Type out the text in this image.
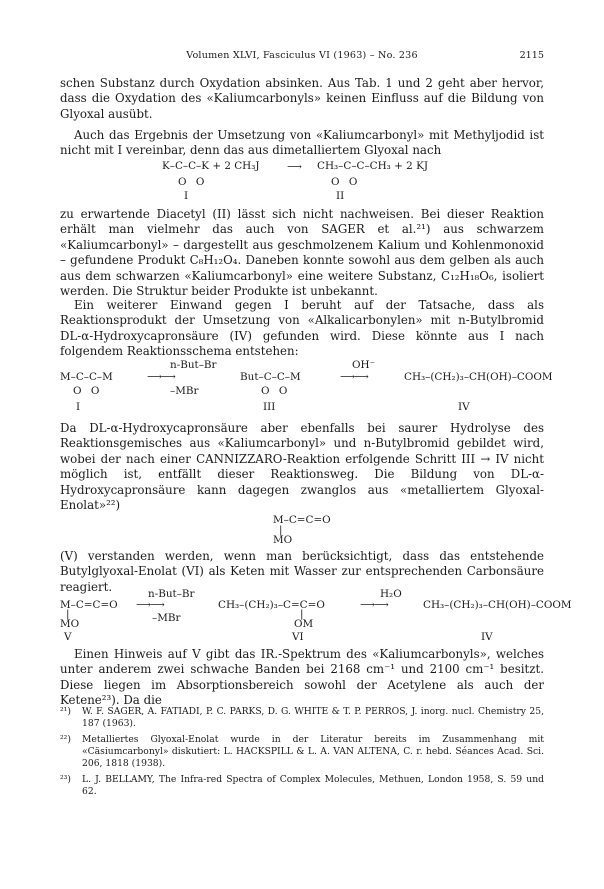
Volumen XLVI, Fasciculus VI (1963) – No. 236	2115

schen Substanz durch Oxydation absinken. Aus Tab. 1 und 2 geht aber hervor, dass die Oxydation des «Kaliumcarbonyls» keinen Einfluss auf die Bildung von Glyoxal ausübt.

Auch das Ergebnis der Umsetzung von «Kaliumcarbonyl» mit Methyljodid ist nicht mit I vereinbar, denn das aus dimetalliertem Glyoxal nach

K–C–C–K + 2 CH₃J
O O
⟶ CH₃–C–C–CH₃ + 2 KJ
O O
I	II

zu erwartende Diacetyl (II) lässt sich nicht nachweisen. Bei dieser Reaktion erhält man vielmehr das auch von SAGER et al.²¹) aus schwarzem «Kaliumcarbonyl» – dargestellt aus geschmolzenem Kalium und Kohlenmonoxid – gefundene Produkt C₈H₁₂O₄. Daneben konnte sowohl aus dem gelben als auch aus dem schwarzen «Kaliumcarbonyl» eine weitere Substanz, C₁₂H₁₈O₆, isoliert werden. Die Struktur beider Produkte ist unbekannt.

Ein weiterer Einwand gegen I beruht auf der Tatsache, dass als Reaktionsprodukt der Umsetzung von «Alkalicarbonylen» mit n-Butylbromid DL-α-Hydroxycapronsäure (IV) gefunden wird. Diese könnte aus I nach folgendem Reaktionsschema entstehen:

n-But–Br	OH⁻
M–C–C–M	⟶⟶	But–C–C–M	⟶⟶	CH₃–(CH₂)₃–CH(OH)–COOM
–MBr
O O	O O
I	III	IV

Da DL-α-Hydroxycapronsäure aber ebenfalls bei saurer Hydrolyse des Reaktionsgemisches aus «Kaliumcarbonyl» und n-Butylbromid gebildet wird, wobei der nach einer CANNIZZARO-Reaktion erfolgende Schritt III → IV nicht möglich ist, entfällt dieser Reaktionsweg. Die Bildung von DL-α-Hydroxycapronsäure kann dagegen zwanglos aus «metalliertem Glyoxal-Enolat»²²)

M–C=C=O
|
MO

(V) verstanden werden, wenn man berücksichtigt, dass das entstehende Butylglyoxal-Enolat (VI) als Keten mit Wasser zur entsprechenden Carbonsäure reagiert.

n-But–Br	H₂O
M–C=C=O ⟶⟶	CH₃–(CH₂)₃–C=C=O	⟶⟶	CH₃–(CH₂)₃–CH(OH)–COOM
|	|
–MBr
MO	OM
V	VI	IV

Einen Hinweis auf V gibt das IR.-Spektrum des «Kaliumcarbonyls», welches unter anderem zwei schwache Banden bei 2168 cm⁻¹ und 2100 cm⁻¹ besitzt. Diese liegen im Absorptionsbereich sowohl der Acetylene als auch der Ketene²³). Da die

²¹) W. F. SAGER, A. FATIADI, P. C. PARKS, D. G. WHITE & T. P. PERROS, J. inorg. nucl. Chemistry 25, 187 (1963).
²²) Metalliertes Glyoxal-Enolat wurde in der Literatur bereits im Zusammenhang mit «Cäsiumcarbonyl» diskutiert: L. HACKSPILL & L. A. VAN ALTENA, C. r. hebd. Séances Acad. Sci. 206, 1818 (1938).
²³) L. J. BELLAMY, The Infra-red Spectra of Complex Molecules, Methuen, London 1958, S. 59 und 62.
